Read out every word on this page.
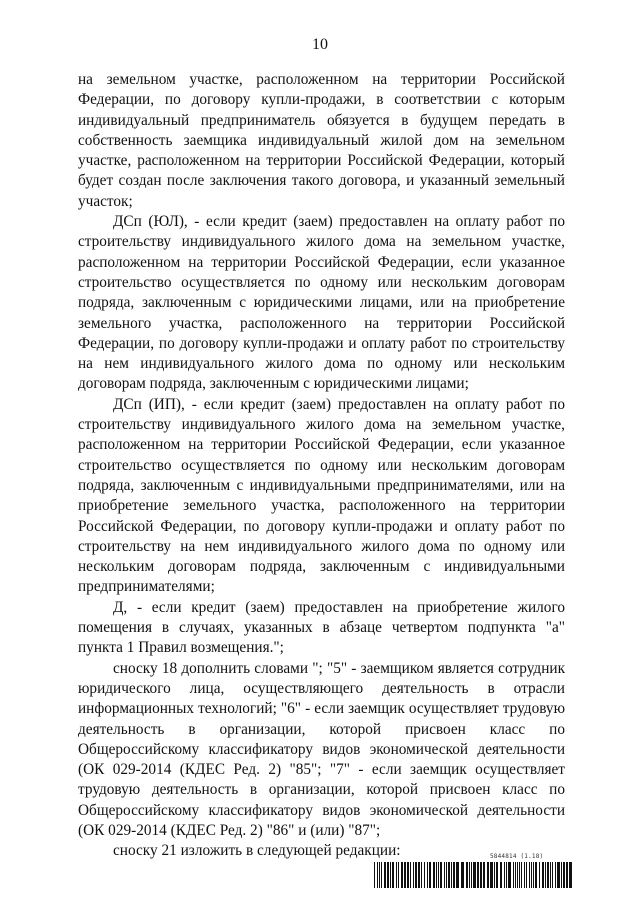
10

на земельном участке, расположенном на территории Российской Федерации, по договору купли-продажи, в соответствии с которым индивидуальный предприниматель обязуется в будущем передать в собственность заемщика индивидуальный жилой дом на земельном участке, расположенном на территории Российской Федерации, который будет создан после заключения такого договора, и указанный земельный участок;

ДСп (ЮЛ), - если кредит (заем) предоставлен на оплату работ по строительству индивидуального жилого дома на земельном участке, расположенном на территории Российской Федерации, если указанное строительство осуществляется по одному или нескольким договорам подряда, заключенным с юридическими лицами, или на приобретение земельного участка, расположенного на территории Российской Федерации, по договору купли-продажи и оплату работ по строительству на нем индивидуального жилого дома по одному или нескольким договорам подряда, заключенным с юридическими лицами;

ДСп (ИП), - если кредит (заем) предоставлен на оплату работ по строительству индивидуального жилого дома на земельном участке, расположенном на территории Российской Федерации, если указанное строительство осуществляется по одному или нескольким договорам подряда, заключенным с индивидуальными предпринимателями, или на приобретение земельного участка, расположенного на территории Российской Федерации, по договору купли-продажи и оплату работ по строительству на нем индивидуального жилого дома по одному или нескольким договорам подряда, заключенным с индивидуальными предпринимателями;

Д, - если кредит (заем) предоставлен на приобретение жилого помещения в случаях, указанных в абзаце четвертом подпункта "а" пункта 1 Правил возмещения.";

сноску 18 дополнить словами "; "5" - заемщиком является сотрудник юридического лица, осуществляющего деятельность в отрасли информационных технологий; "6" - если заемщик осуществляет трудовую деятельность в организации, которой присвоен класс по Общероссийскому классификатору видов экономической деятельности (ОК 029-2014 (КДЕС Ред. 2) "85"; "7" - если заемщик осуществляет трудовую деятельность в организации, которой присвоен класс по Общероссийскому классификатору видов экономической деятельности (ОК 029-2014 (КДЕС Ред. 2) "86" и (или) "87";

сноску 21 изложить в следующей редакции:	5844814 (1.18)
